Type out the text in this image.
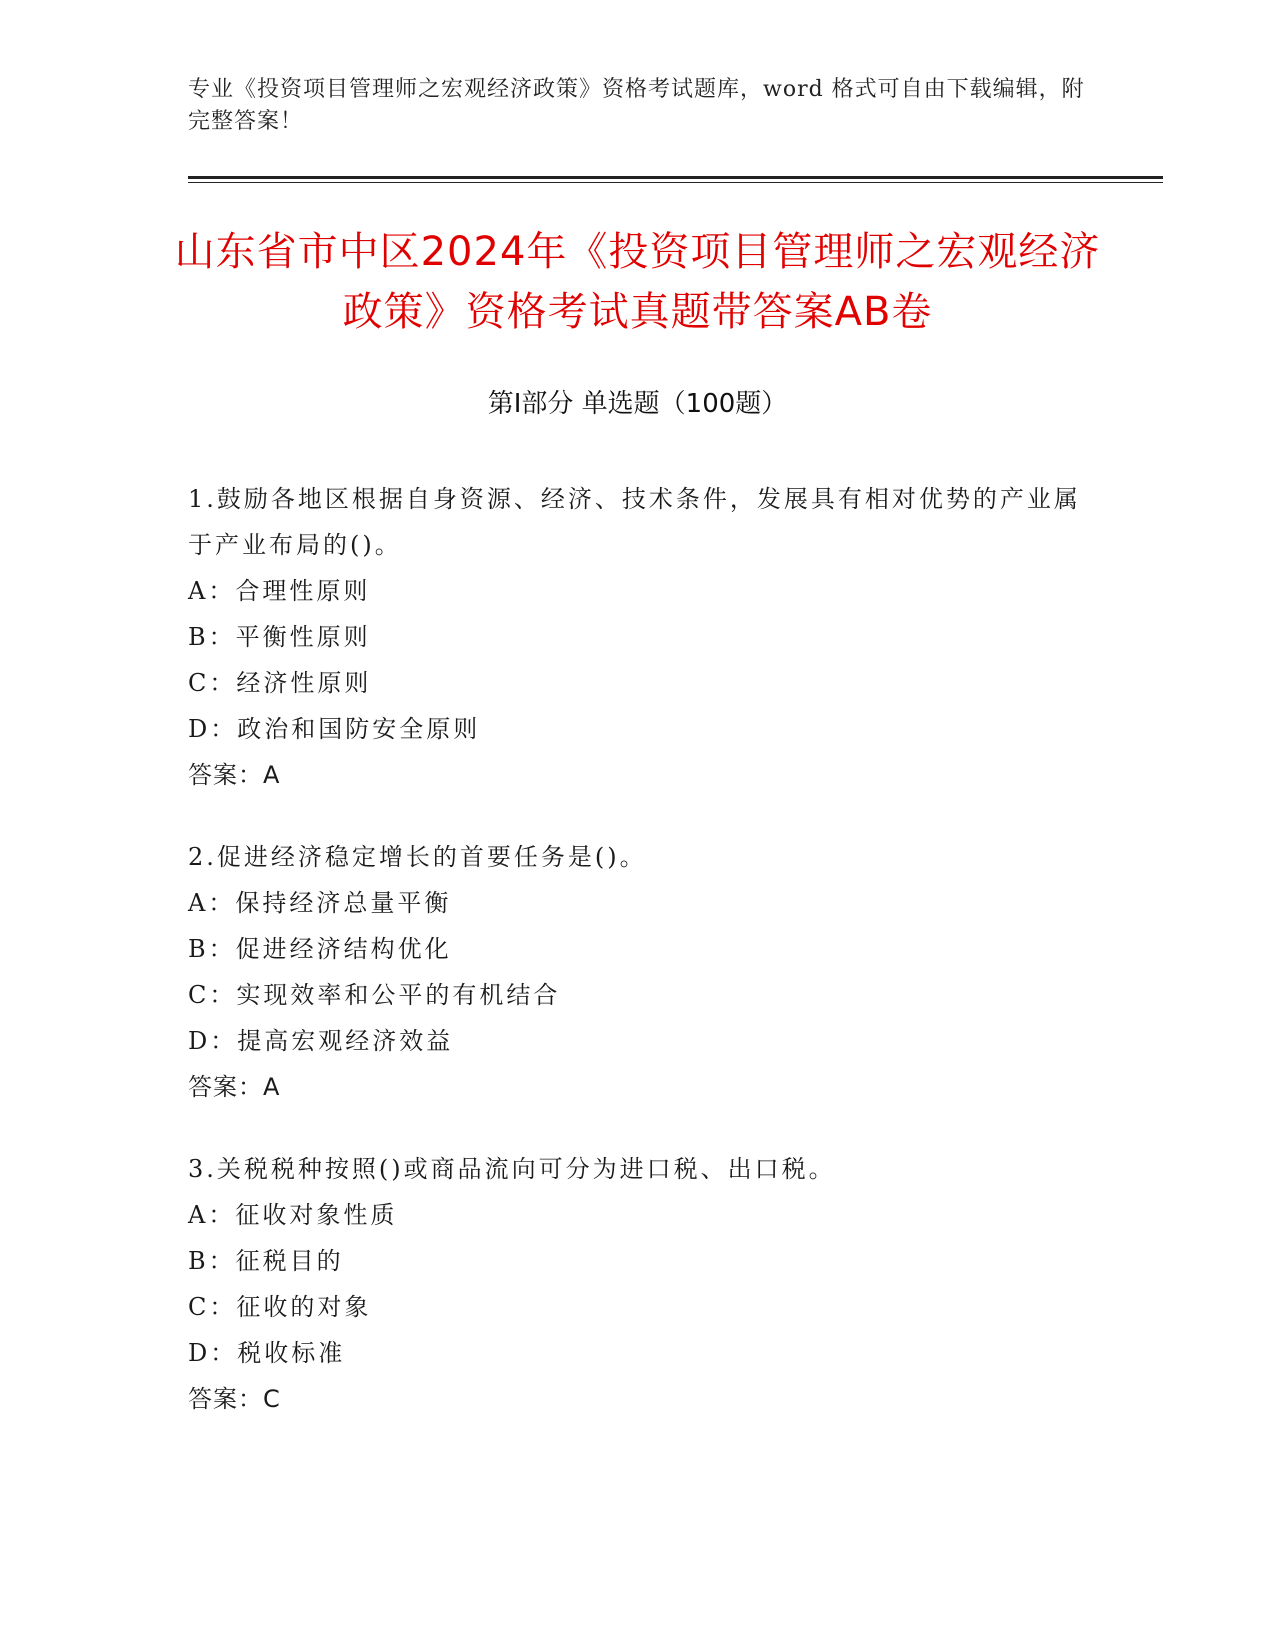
专业《投资项目管理师之宏观经济政策》资格考试题库，word 格式可自由下载编辑，附完整答案！
山东省市中区2024年《投资项目管理师之宏观经济政策》资格考试真题带答案AB卷
第Ⅰ部分 单选题（100题）
1.鼓励各地区根据自身资源、经济、技术条件，发展具有相对优势的产业属于产业布局的()。
A：合理性原则
B：平衡性原则
C：经济性原则
D：政治和国防安全原则
答案：A
2.促进经济稳定增长的首要任务是()。
A：保持经济总量平衡
B：促进经济结构优化
C：实现效率和公平的有机结合
D：提高宏观经济效益
答案：A
3.关税税种按照()或商品流向可分为进口税、出口税。
A：征收对象性质
B：征税目的
C：征收的对象
D：税收标准
答案：C
